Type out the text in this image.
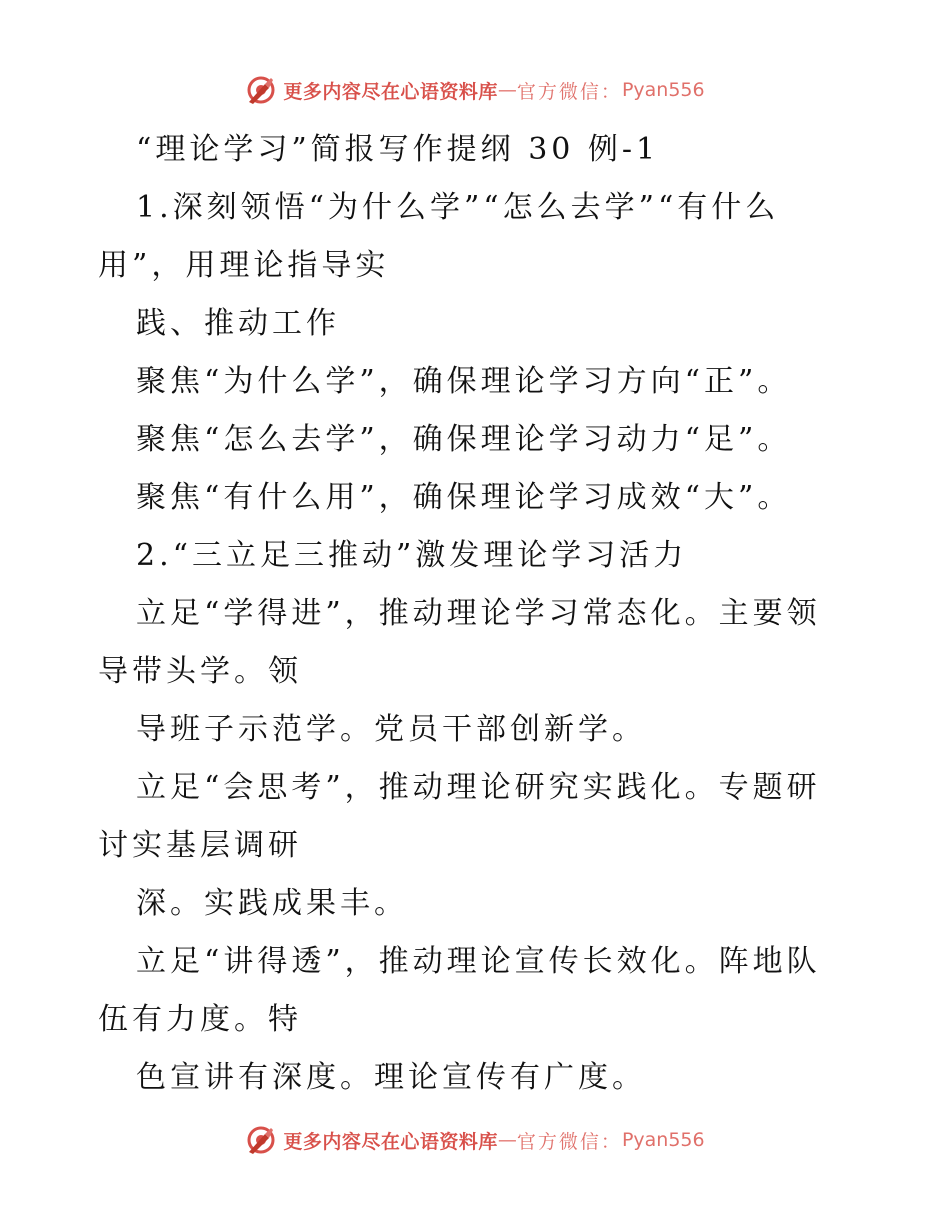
更多内容尽在心语资料库 — 官方微信： Pyan556
“理论学习”简报写作提纲 30 例-1
1.深刻领悟“为什么学”“怎么去学”“有什么
用”，用理论指导实
践、推动工作
聚焦“为什么学”，确保理论学习方向“正”。
聚焦“怎么去学”，确保理论学习动力“足”。
聚焦“有什么用”，确保理论学习成效“大”。
2.“三立足三推动”激发理论学习活力
立足“学得进”，推动理论学习常态化。主要领
导带头学。领
导班子示范学。党员干部创新学。
立足“会思考”，推动理论研究实践化。专题研
讨实基层调研
深。实践成果丰。
立足“讲得透”，推动理论宣传长效化。阵地队
伍有力度。特
色宣讲有深度。理论宣传有广度。
更多内容尽在心语资料库 — 官方微信： Pyan556
